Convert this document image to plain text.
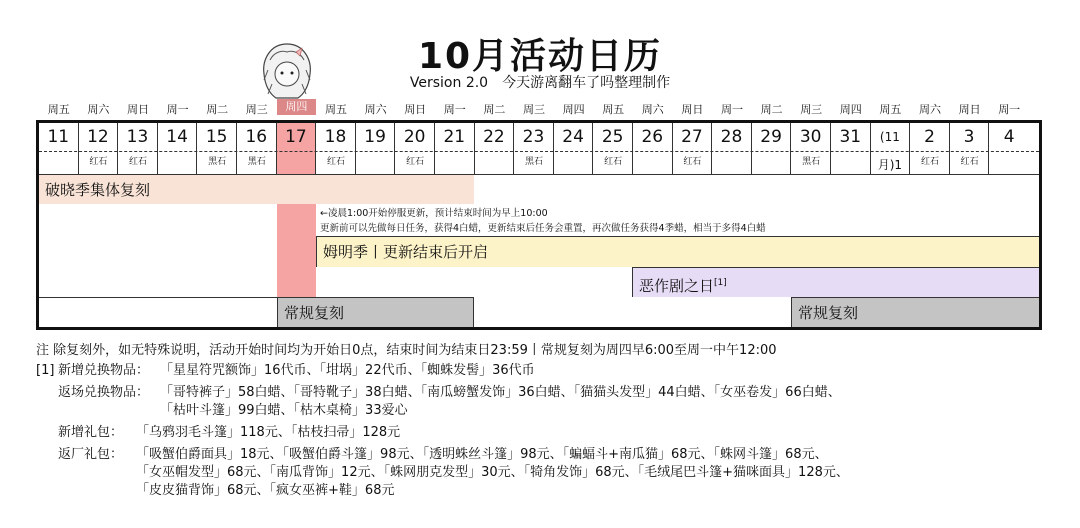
10月活动日历
Version 2.0　今天游离翻车了吗整理制作
周五
11
周六
12
红石
周日
13
红石
周一
14
周二
15
黑石
周三
16
黑石
周四
17
周五
18
红石
周六
19
周日
20
红石
周一
21
周二
22
周三
23
黑石
周四
24
周五
25
红石
周六
26
周日
27
红石
周一
28
周二
29
周三
30
黑石
周四
31
周五
(11月)1
周六
2
红石
周日
3
红石
周一
4
破晓季集体复刻
←凌晨1:00开始停服更新，预计结束时间为早上10:00
更新前可以先做每日任务，获得4白蜡，更新结束后任务会重置，再次做任务获得4季蜡，相当于多得4白蜡
姆明季丨更新结束后开启
恶作剧之日[1]
常规复刻	常规复刻
注 除复刻外，如无特殊说明，活动开始时间均为开始日0点，结束时间为结束日23:59丨常规复刻为周四早6:00至周一中午12:00
[1] 新增兑换物品： 「星星符咒额饰」16代币、「坩埚」22代币、「蜘蛛发髻」36代币
返场兑换物品： 「哥特裤子」58白蜡、「哥特靴子」38白蜡、「南瓜螃蟹发饰」36白蜡、「猫猫头发型」44白蜡、「女巫卷发」66白蜡、
「枯叶斗篷」99白蜡、「枯木桌椅」33爱心
新增礼包： 「乌鸦羽毛斗篷」118元、「枯枝扫帚」128元
返厂礼包： 「吸蟹伯爵面具」18元、「吸蟹伯爵斗篷」98元、「透明蛛丝斗篷」98元、「蝙蝠斗+南瓜猫」68元、「蛛网斗篷」68元、
「女巫帽发型」68元、「南瓜背饰」12元、「蛛网朋克发型」30元、「犄角发饰」68元、「毛绒尾巴斗篷+猫咪面具」128元、
「皮皮猫背饰」68元、「疯女巫裤+鞋」68元
